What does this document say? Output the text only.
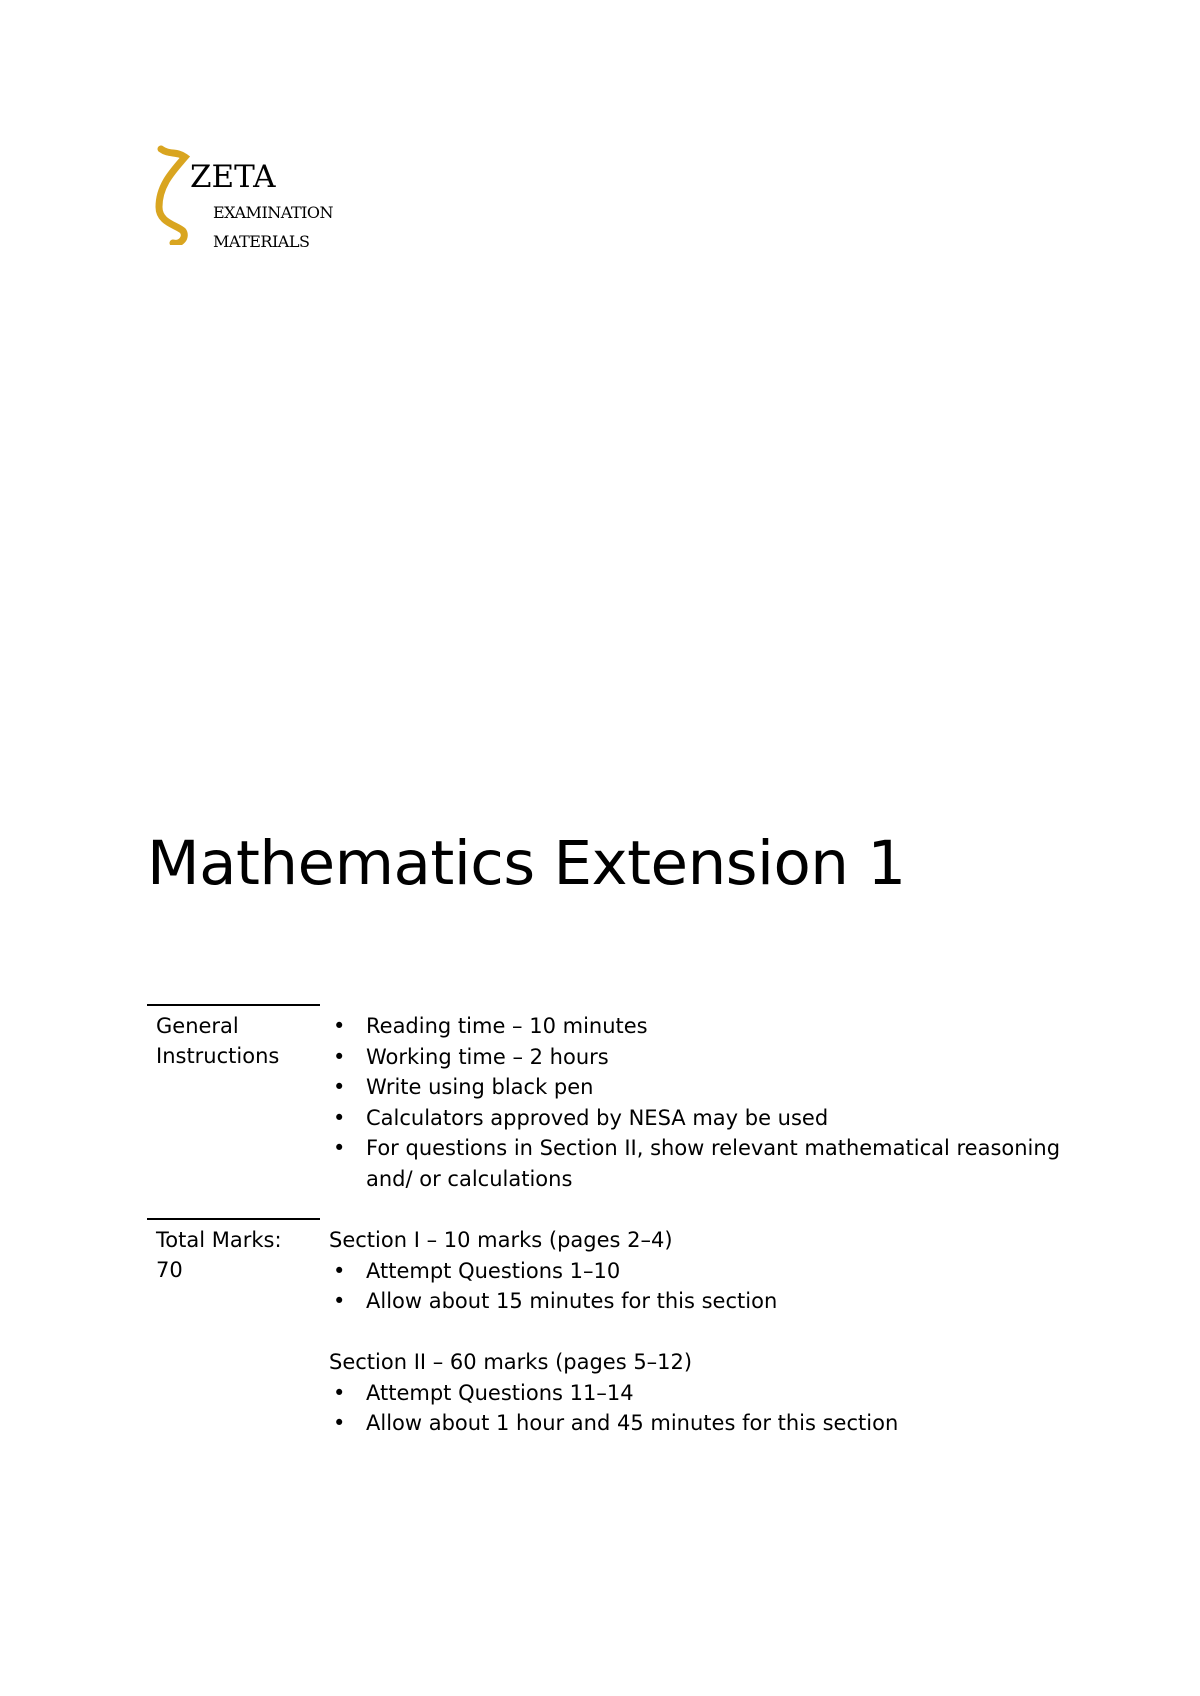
ZETA
EXAMINATION
MATERIALS
Mathematics Extension 1
General
Instructions
• Reading time – 10 minutes
• Working time – 2 hours
• Write using black pen
• Calculators approved by NESA may be used
• For questions in Section II, show relevant mathematical reasoning and/ or calculations
Total Marks:
70
Section I – 10 marks (pages 2–4)
• Attempt Questions 1–10
• Allow about 15 minutes for this section
Section II – 60 marks (pages 5–12)
• Attempt Questions 11–14
• Allow about 1 hour and 45 minutes for this section
